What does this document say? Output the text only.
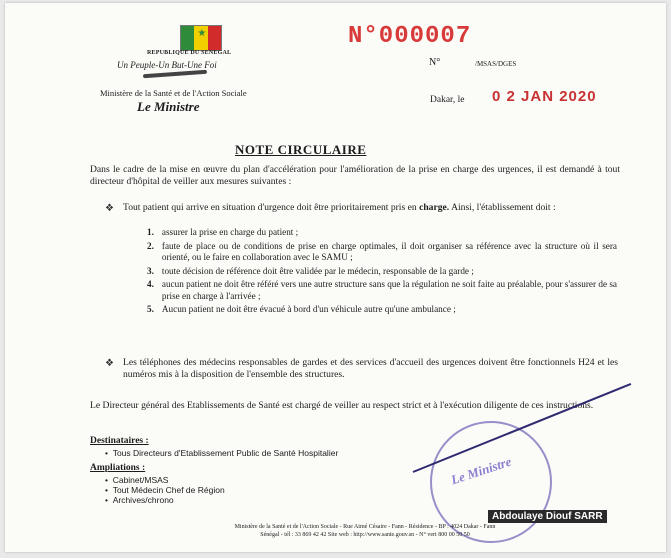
★
REPUBLIQUE DU SENEGAL
Un Peuple-Un But-Une Foi
Ministère de la Santé et de l'Action Sociale
Le Ministre
N°000007
N°	/MSAS/DGES
Dakar, le 0 2 JAN 2020
NOTE CIRCULAIRE
Dans le cadre de la mise en œuvre du plan d'accélération pour l'amélioration de la prise en charge des urgences, il est demandé à tout directeur d'hôpital de veiller aux mesures suivantes :
❖ Tout patient qui arrive en situation d'urgence doit être prioritairement pris en charge. Ainsi, l'établissement doit :
1. assurer la prise en charge du patient ;
2. faute de place ou de conditions de prise en charge optimales, il doit organiser sa référence avec la structure où il sera orienté, ou le faire en collaboration avec le SAMU ;
3. toute décision de référence doit être validée par le médecin, responsable de la garde ;
4. aucun patient ne doit être référé vers une autre structure sans que la régulation ne soit faite au préalable, pour s'assurer de sa prise en charge à l'arrivée ;
5. Aucun patient ne doit être évacué à bord d'un véhicule autre qu'une ambulance ;
❖ Les téléphones des médecins responsables de gardes et des services d'accueil des urgences doivent être fonctionnels H24 et les numéros mis à la disposition de l'ensemble des structures.
Le Directeur général des Etablissements de Santé est chargé de veiller au respect strict et à l'exécution diligente de ces instructions.
Destinataires :
•  Tous Directeurs d'Etablissement Public de Santé Hospitalier
Ampliations :
•  Cabinet/MSAS
•  Tout Médecin Chef de Région
•  Archives/chrono
Le Ministre
Abdoulaye Diouf SARR
Ministère de la Santé et de l'Action Sociale - Rue Aimé Césaire - Fann - Résidence - BP : 4024 Dakar - Fann
Sénégal - tél : 33 869 42 42 Site web : http://www.sante.gouv.sn - N° vert 800 00 50 50
